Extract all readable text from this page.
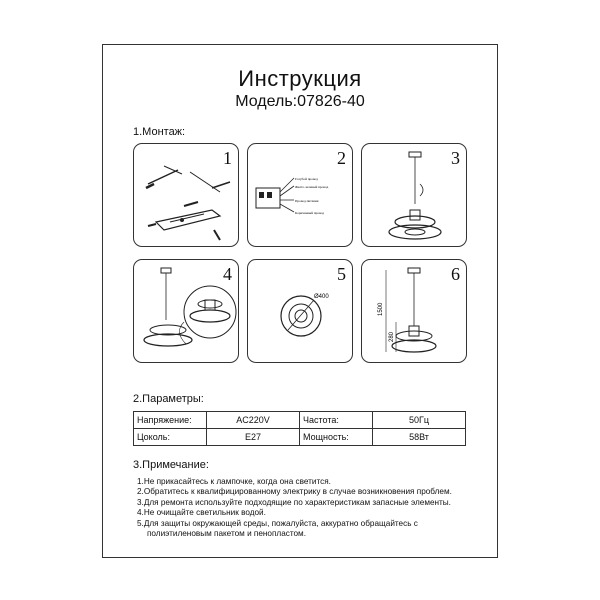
Инструкция
Модель:07826-40
1.Монтаж:
1
Голубой провод
Желто-зеленый провод
Провод питания
Коричневый провод
2	3
4
Ø400
5
1500
280
6
2.Параметры:
Напряжение:	AC220V	Частота:	50Гц
Цоколь:	E27	Мощность:	58Вт
3.Примечание:
1.Не прикасайтесь к лампочке, когда она светится.
2.Обратитесь к квалифицированному электрику в случае возникновения проблем.
3.Для ремонта используйте подходящие по характеристикам запасные элементы.
4.Не очищайте светильник водой.
5.Для защиты окружающей среды, пожалуйста, аккуратно обращайтесь с
полиэтиленовым пакетом и пенопластом.
